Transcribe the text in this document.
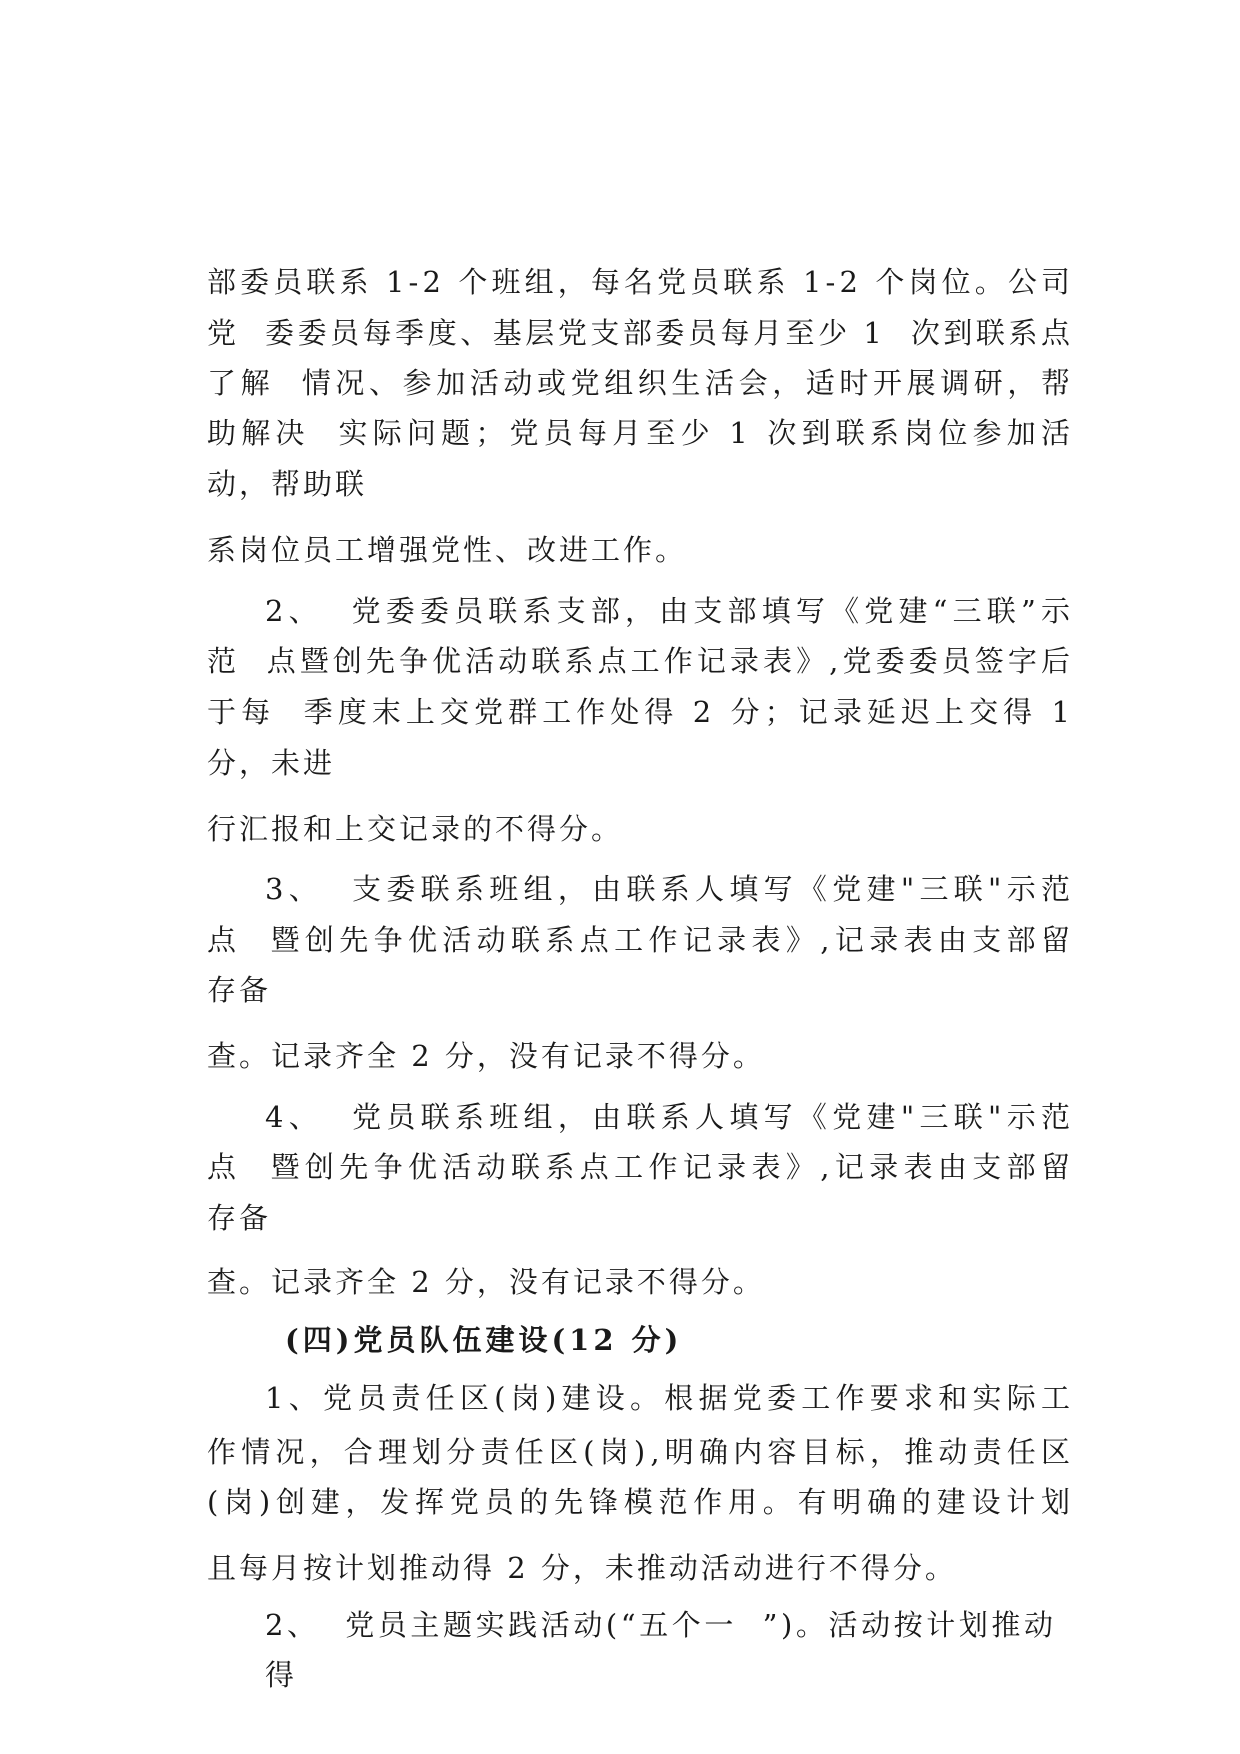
部委员联系 1-2 个班组，每名党员联系 1-2 个岗位。公司
党  委委员每季度、基层党支部委员每月至少 1  次到联系点
了解  情况、参加活动或党组织生活会，适时开展调研，帮
助解决  实际问题；党员每月至少 1 次到联系岗位参加活
动，帮助联
系岗位员工增强党性、改进工作。
2、  党委委员联系支部，由支部填写《党建“三联”示
范  点暨创先争优活动联系点工作记录表》,党委委员签字后
于每  季度末上交党群工作处得 2 分；记录延迟上交得 1
分，未进
行汇报和上交记录的不得分。
3、  支委联系班组，由联系人填写《党建"三联"示范
点  暨创先争优活动联系点工作记录表》,记录表由支部留
存备
查。记录齐全 2 分，没有记录不得分。
4、  党员联系班组，由联系人填写《党建"三联"示范
点  暨创先争优活动联系点工作记录表》,记录表由支部留
存备
查。记录齐全 2 分，没有记录不得分。
(四)党员队伍建设(12 分)
1、党员责任区(岗)建设。根据党委工作要求和实际工
作情况，合理划分责任区(岗),明确内容目标，推动责任区
(岗)创建，发挥党员的先锋模范作用。有明确的建设计划
且每月按计划推动得 2 分，未推动活动进行不得分。
2、  党员主题实践活动(“五个一  ”)。活动按计划推动
得
